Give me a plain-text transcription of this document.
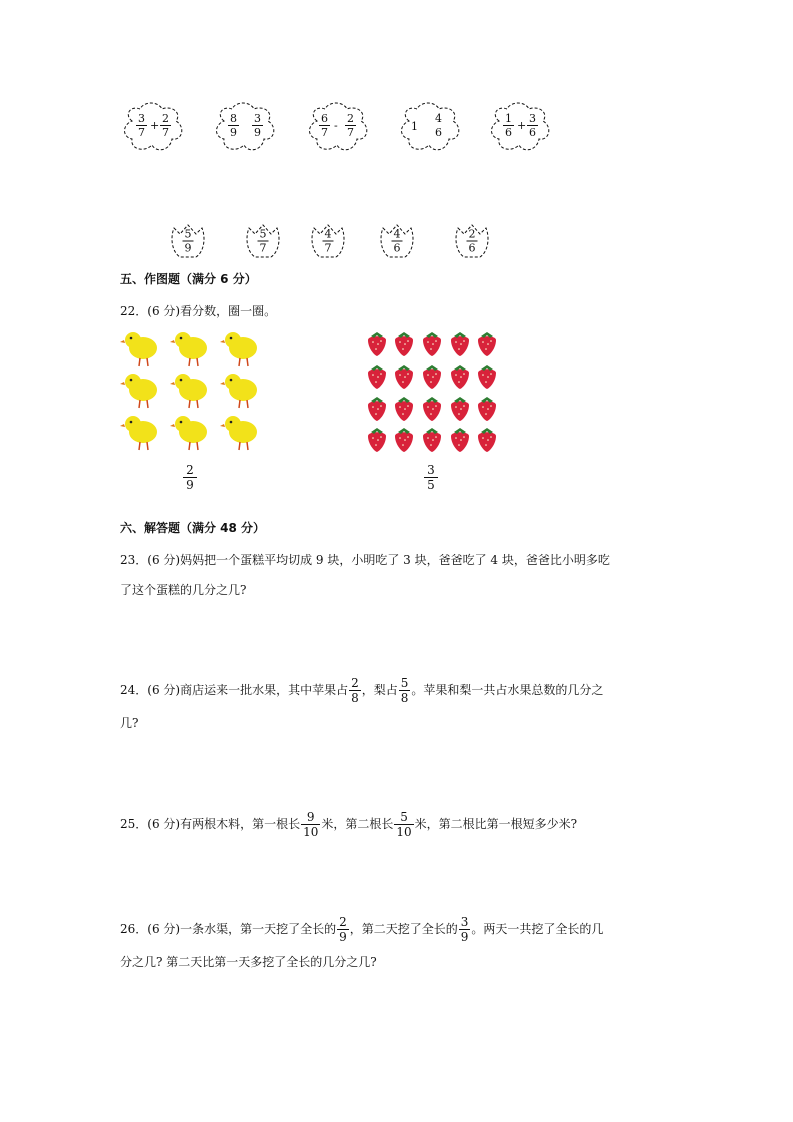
$\frac{3}{7} + \frac{2}{7}$	$\frac{8}{9} \frac{3}{9}$	$\frac{6}{7} - \frac{2}{7}$	1
4
6	$\frac{1}{6} + \frac{3}{6}$
5
9
5
7
4
7
4
6
2
6
五、作图题（满分 6 分）
22．(6 分)看分数，圈一圈。
$\frac{2}{9}$	$\frac{3}{5}$
六、解答题（满分 48 分）
23．(6 分)妈妈把一个蛋糕平均切成 9 块，小明吃了 3 块，爸爸吃了 4 块，爸爸比小明多吃
了这个蛋糕的几分之几?
24．(6 分)商店运来一批水果，其中苹果占 $\frac{2}{8}$ ，梨占 $\frac{5}{8}$ 。苹果和梨一共占水果总数的几分之
几?
25．(6 分)有两根木料，第一根长 $\frac{9}{10}$ 米，第二根长 $\frac{5}{10}$ 米，第二根比第一根短多少米?
26．(6 分)一条水渠，第一天挖了全长的 $\frac{2}{9}$ ，第二天挖了全长的 $\frac{3}{9}$ 。两天一共挖了全长的几
分之几? 第二天比第一天多挖了全长的几分之几?
